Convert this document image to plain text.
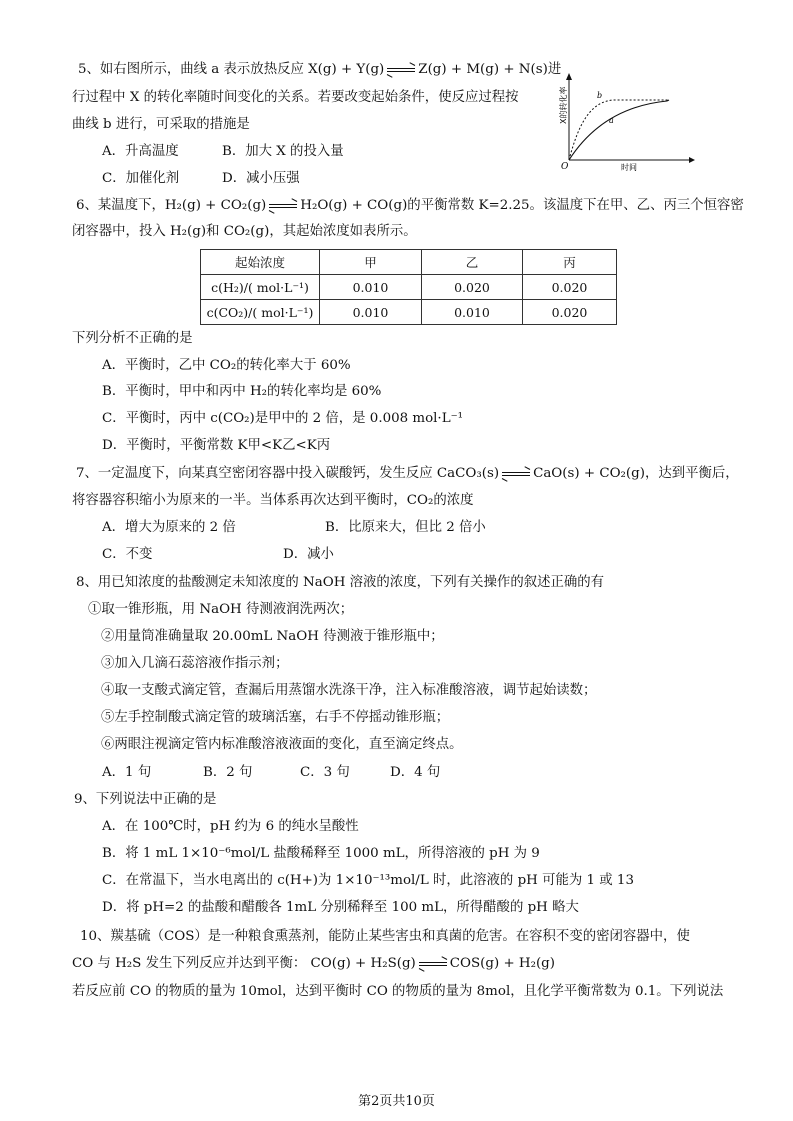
5、如右图所示，曲线 a 表示放热反应 X(g) + Y(g)	Z(g) + M(g) + N(s)进
行过程中 X 的转化率随时间变化的关系。若要改变起始条件，使反应过程按
曲线 b 进行，可采取的措施是
A．升高温度	B．加大 X 的投入量
C．加催化剂	D．减小压强
b
a
O	时间
X的转化率
6、某温度下，H₂(g) + CO₂(g)	H₂O(g) + CO(g)的平衡常数 K=2.25。该温度下在甲、乙、丙三个恒容密
闭容器中，投入 H₂(g)和 CO₂(g)，其起始浓度如表所示。
起始浓度	甲	乙	丙
c(H₂)/( mol·L⁻¹)	0.010	0.020	0.020
c(CO₂)/( mol·L⁻¹)	0.010	0.010	0.020
下列分析不正确的是
A．平衡时，乙中 CO₂的转化率大于 60%
B．平衡时，甲中和丙中 H₂的转化率均是 60%
C．平衡时，丙中 c(CO₂)是甲中的 2 倍，是 0.008 mol·L⁻¹
D．平衡时，平衡常数 K甲<K乙<K丙
7、一定温度下，向某真空密闭容器中投入碳酸钙，发生反应 CaCO₃(s)	CaO(s) + CO₂(g)，达到平衡后，
将容器容积缩小为原来的一半。当体系再次达到平衡时，CO₂的浓度
A．增大为原来的 2 倍	B．比原来大，但比 2 倍小
C．不变	D．减小
8、用已知浓度的盐酸测定未知浓度的 NaOH 溶液的浓度，下列有关操作的叙述正确的有
①取一锥形瓶，用 NaOH 待测液润洗两次；
②用量筒准确量取 20.00mL NaOH 待测液于锥形瓶中；
③加入几滴石蕊溶液作指示剂；
④取一支酸式滴定管，查漏后用蒸馏水洗涤干净，注入标准酸溶液，调节起始读数；
⑤左手控制酸式滴定管的玻璃活塞，右手不停摇动锥形瓶；
⑥两眼注视滴定管内标准酸溶液液面的变化，直至滴定终点。
A．1 句	B．2 句	C．3 句	D．4 句
9、下列说法中正确的是
A．在 100℃时，pH 约为 6 的纯水呈酸性
B．将 1 mL 1×10⁻⁶mol/L 盐酸稀释至 1000 mL，所得溶液的 pH 为 9
C．在常温下，当水电离出的 c(H+)为 1×10⁻¹³mol/L 时，此溶液的 pH 可能为 1 或 13
D．将 pH=2 的盐酸和醋酸各 1mL 分别稀释至 100 mL，所得醋酸的 pH 略大
10、羰基硫（COS）是一种粮食熏蒸剂，能防止某些害虫和真菌的危害。在容积不变的密闭容器中，使
CO 与 H₂S 发生下列反应并达到平衡： CO(g) + H₂S(g)	COS(g) + H₂(g)
若反应前 CO 的物质的量为 10mol，达到平衡时 CO 的物质的量为 8mol，且化学平衡常数为 0.1。下列说法
第2页共10页
